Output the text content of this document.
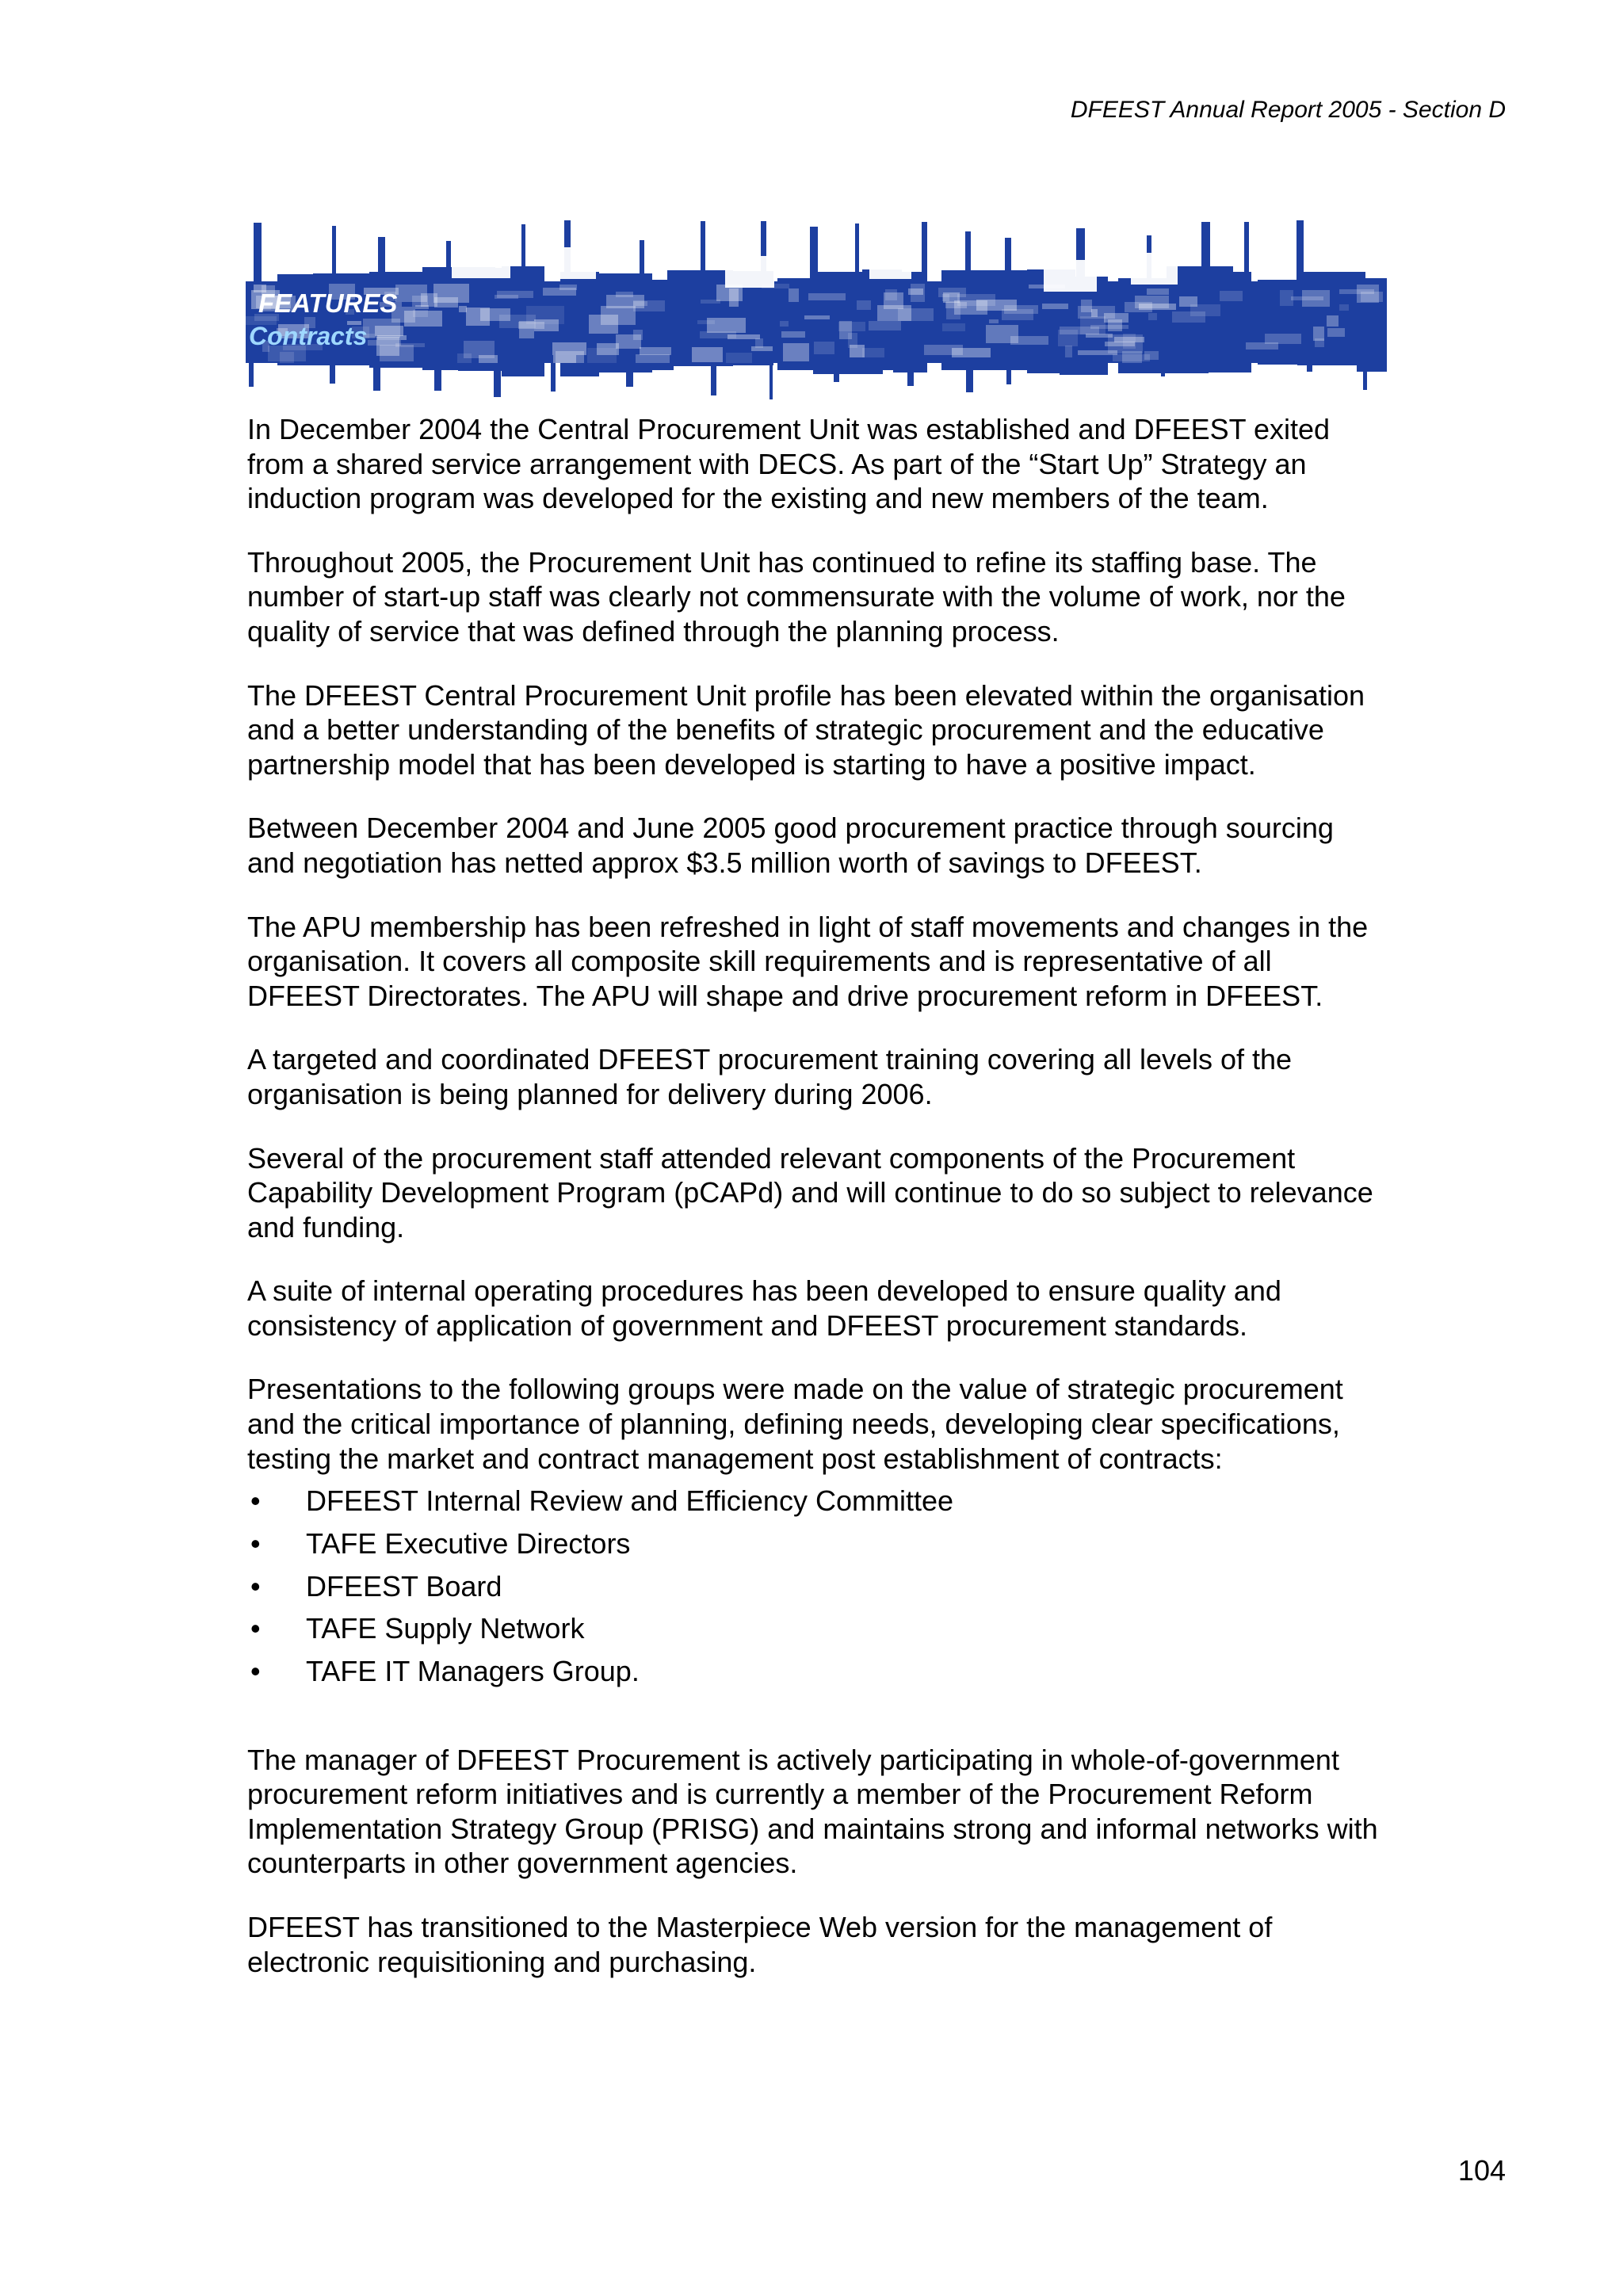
DFEEST Annual Report 2005 - Section D
FEATURES
Contracts

In December 2004 the Central Procurement Unit was established and DFEEST exited from a shared service arrangement with DECS. As part of the “Start Up” Strategy an induction program was developed for the existing and new members of the team.

Throughout 2005, the Procurement Unit has continued to refine its staffing base. The number of start-up staff was clearly not commensurate with the volume of work, nor the quality of service that was defined through the planning process.

The DFEEST Central Procurement Unit profile has been elevated within the organisation and a better understanding of the benefits of strategic procurement and the educative partnership model that has been developed is starting to have a positive impact.

Between December 2004 and June 2005 good procurement practice through sourcing and negotiation has netted approx $3.5 million worth of savings to DFEEST.

The APU membership has been refreshed in light of staff movements and changes in the organisation. It covers all composite skill requirements and is representative of all DFEEST Directorates. The APU will shape and drive procurement reform in DFEEST.

A targeted and coordinated DFEEST procurement training covering all levels of the organisation is being planned for delivery during 2006.

Several of the procurement staff attended relevant components of the Procurement Capability Development Program (pCAPd) and will continue to do so subject to relevance and funding.

A suite of internal operating procedures has been developed to ensure quality and consistency of application of government and DFEEST procurement standards.

Presentations to the following groups were made on the value of strategic procurement and the critical importance of planning, defining needs, developing clear specifications, testing the market and contract management post establishment of contracts:

• DFEEST Internal Review and Efficiency Committee
• TAFE Executive Directors
• DFEEST Board
• TAFE Supply Network
• TAFE IT Managers Group.

The manager of DFEEST Procurement is actively participating in whole-of-government procurement reform initiatives and is currently a member of the Procurement Reform Implementation Strategy Group (PRISG) and maintains strong and informal networks with counterparts in other government agencies.

DFEEST has transitioned to the Masterpiece Web version for the management of electronic requisitioning and purchasing.

104
